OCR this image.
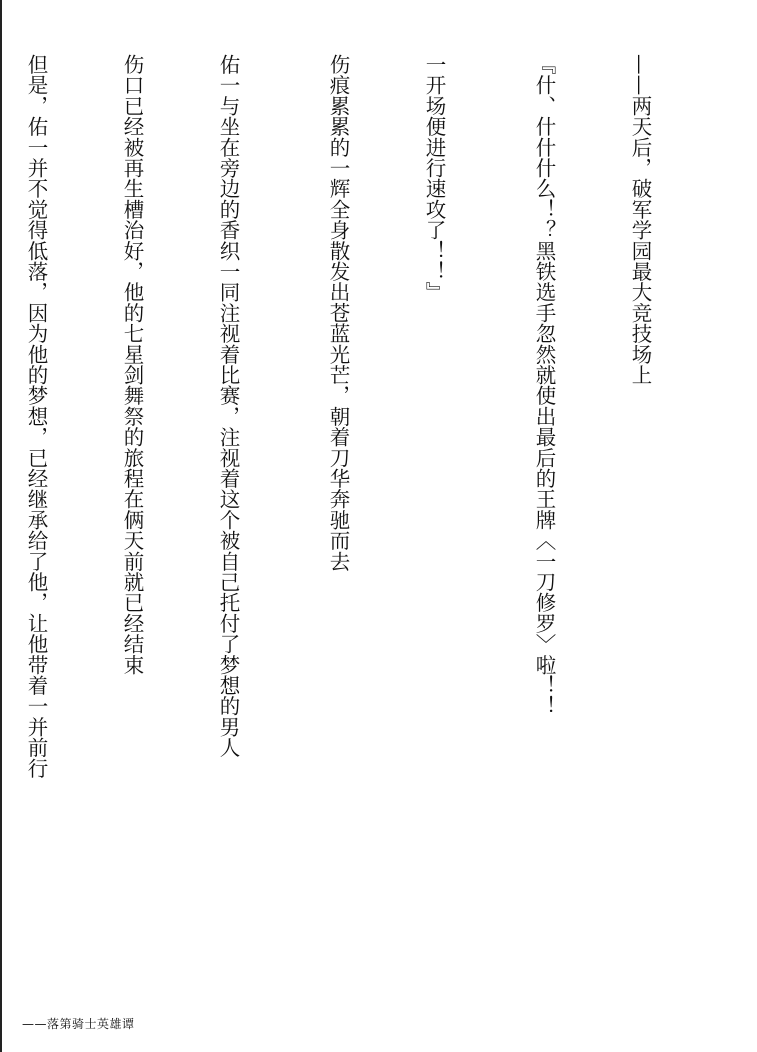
——两天后，破军学园最大竞技场上

『什、什什什么！？黑铁选手忽然就使出最后的王牌〈一刀修罗〉啦！！

一开场便进行速攻了！！』

伤痕累累的一辉全身散发出苍蓝光芒，朝着刀华奔驰而去

佑一与坐在旁边的香织一同注视着比赛，注视着这个被自己托付了梦想的男人

伤口已经被再生槽治好，他的七星剑舞祭的旅程在俩天前就已经结束

但是，佑一并不觉得低落，因为他的梦想，已经继承给了他，让他带着一并前行

——落第骑士英雄谭
